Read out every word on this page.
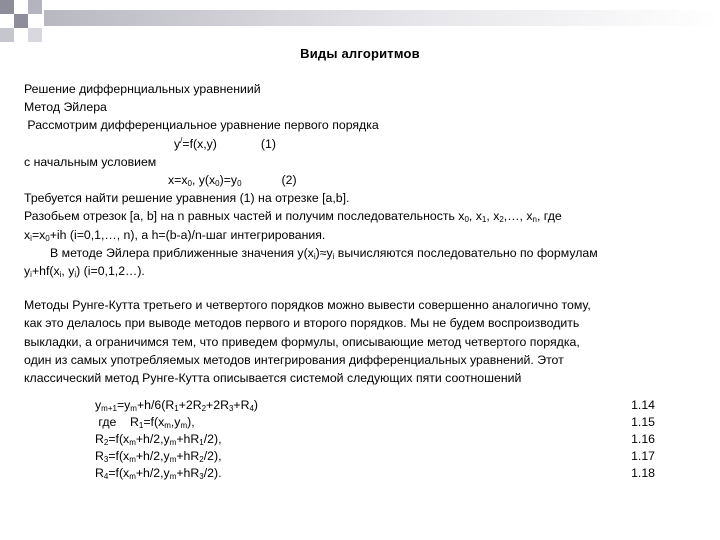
Виды алгоритмов

Решение диффернциальных уравнениий

Метод Эйлера

Рассмотрим дифференциальное уравнение первого порядка

y/=f(x,y)	(1)

с начальным условием

$x=x_0$, $y(x_0)=y_0$	(2)

Требуется найти решение уравнения (1) на отрезке [a,b].

Разобьем отрезок [a, b] на n равных частей и получим последовательность $x_0$, $x_1$, $x_2,\dots$, $x_n$, где

$x_i=x_0+ih$ (i=0,1,…, n), а h=(b-a)/n-шаг интегрирования.

В методе Эйлера приближенные значения $y(x_i)\approx y_i$ вычисляются последовательно по формулам

$y_i+hf(x_i$, $y_i$) (i=0,1,2…).

Методы Рунге-Кутта третьего и четвертого порядков можно вывести совершенно аналогично тому,

как это делалось при выводе методов первого и второго порядков. Мы не будем воспроизводить

выкладки, а ограничимся тем, что приведем формулы, описывающие метод четвертого порядка,

один из самых употребляемых методов интегрирования дифференциальных уравнений. Этот

классический метод Рунге-Кутта описывается системой следующих пяти соотношений

$y_{m+1}=y_m+h/6(R_1+2R_2+2R_3+R_4)$	1.14
где    $R_1=f(x_m,y_m)$,	1.15
$R_2=f(x_m+h/2,y_m+hR_1/2)$,	1.16
$R_3=f(x_m+h/2,y_m+hR_2/2)$,	1.17
$R_4=f(x_m+h/2,y_m+hR_3/2)$.	1.18
